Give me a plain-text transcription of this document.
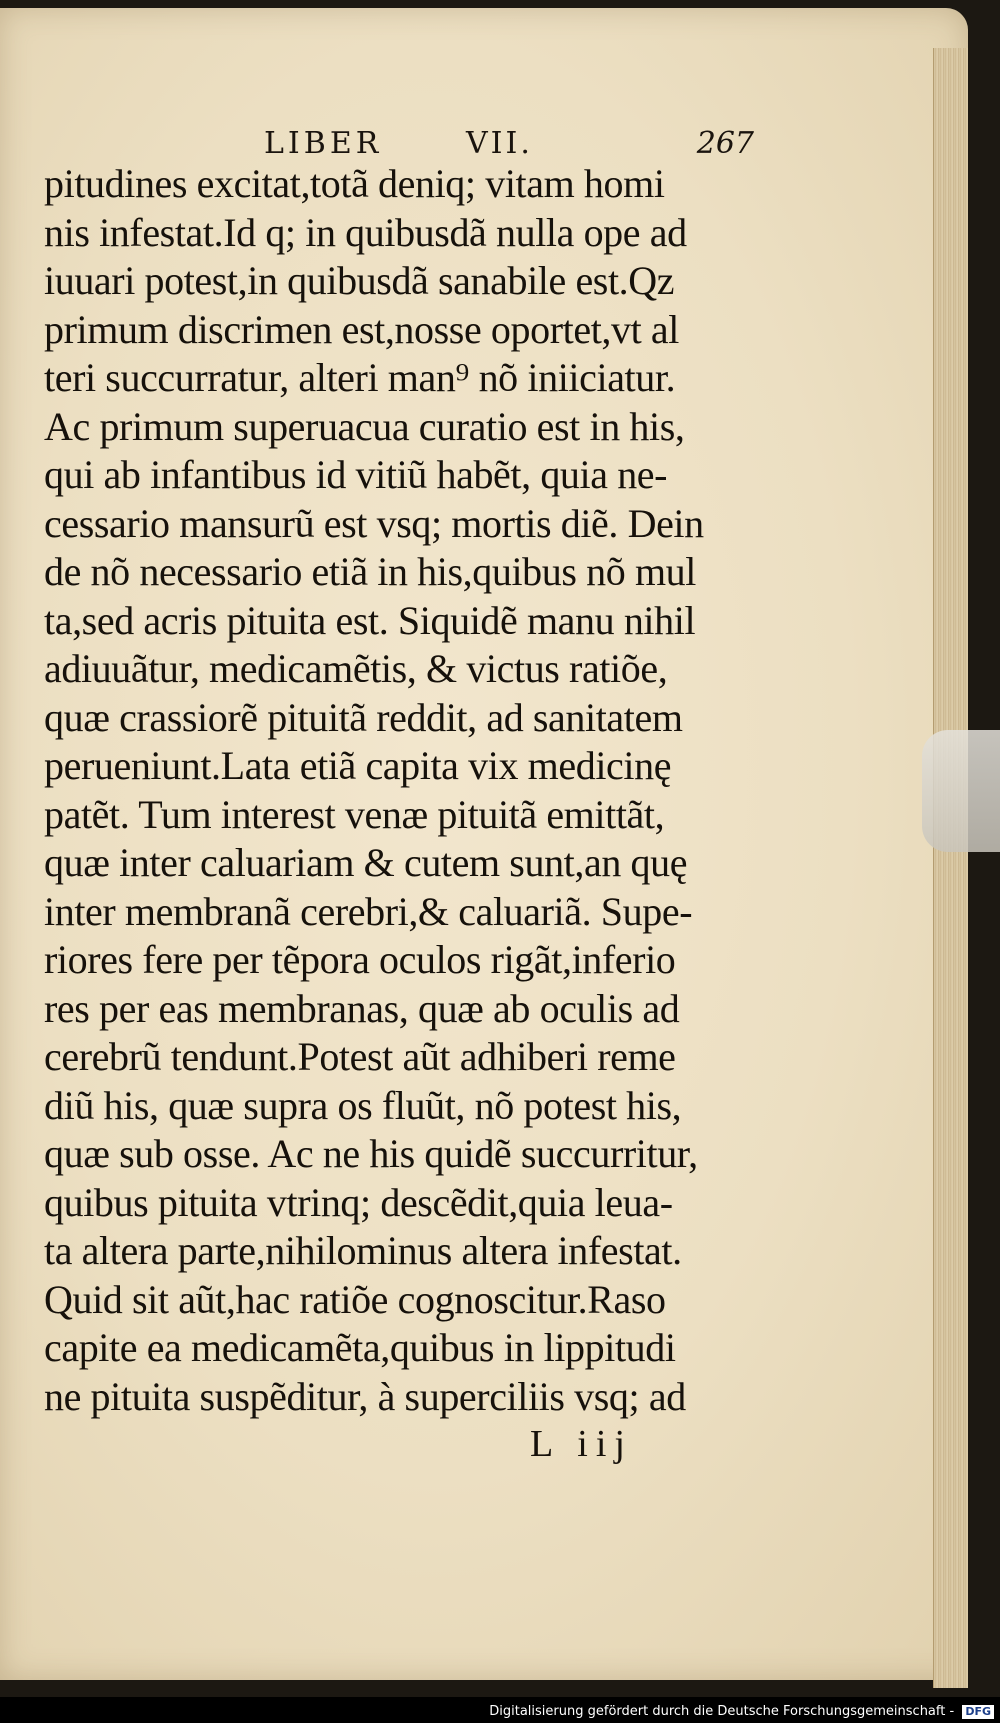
LIBER	VII.	267
pitudines excitat,totã deniq; vitam homi
nis infestat.Id q; in quibusdã nulla ope ad
iuuari potest,in quibusdã sanabile est.Qz
primum discrimen est,nosse oportet,vt al
teri succurratur, alteri man⁹ nõ iniiciatur.
Ac primum superuacua curatio est in his,
qui ab infantibus id vitiũ habẽt, quia ne-
cessario mansurũ est vsq; mortis diẽ. Dein
de nõ necessario etiã in his,quibus nõ mul
ta,sed acris pituita est. Siquidẽ manu nihil
adiuuãtur, medicamẽtis, & victus ratiõe,
quæ crassiorẽ pituitã reddit, ad sanitatem
perueniunt.Lata etiã capita vix medicinę
patẽt. Tum interest venæ pituitã emittãt,
quæ inter caluariam & cutem sunt,an quę
inter membranã cerebri,& caluariã. Supe-
riores fere per tẽpora oculos rigãt,inferio
res per eas membranas, quæ ab oculis ad
cerebrũ tendunt.Potest aũt adhiberi reme
diũ his, quæ supra os fluũt, nõ potest his,
quæ sub osse. Ac ne his quidẽ succurritur,
quibus pituita vtrinq; descẽdit,quia leua-
ta altera parte,nihilominus altera infestat.
Quid sit aũt,hac ratiõe cognoscitur.Raso
capite ea medicamẽta,quibus in lippitudi
ne pituita suspẽditur, à superciliis vsq; ad
L iij
Digitalisierung gefördert durch die Deutsche Forschungsgemeinschaft - DFG
